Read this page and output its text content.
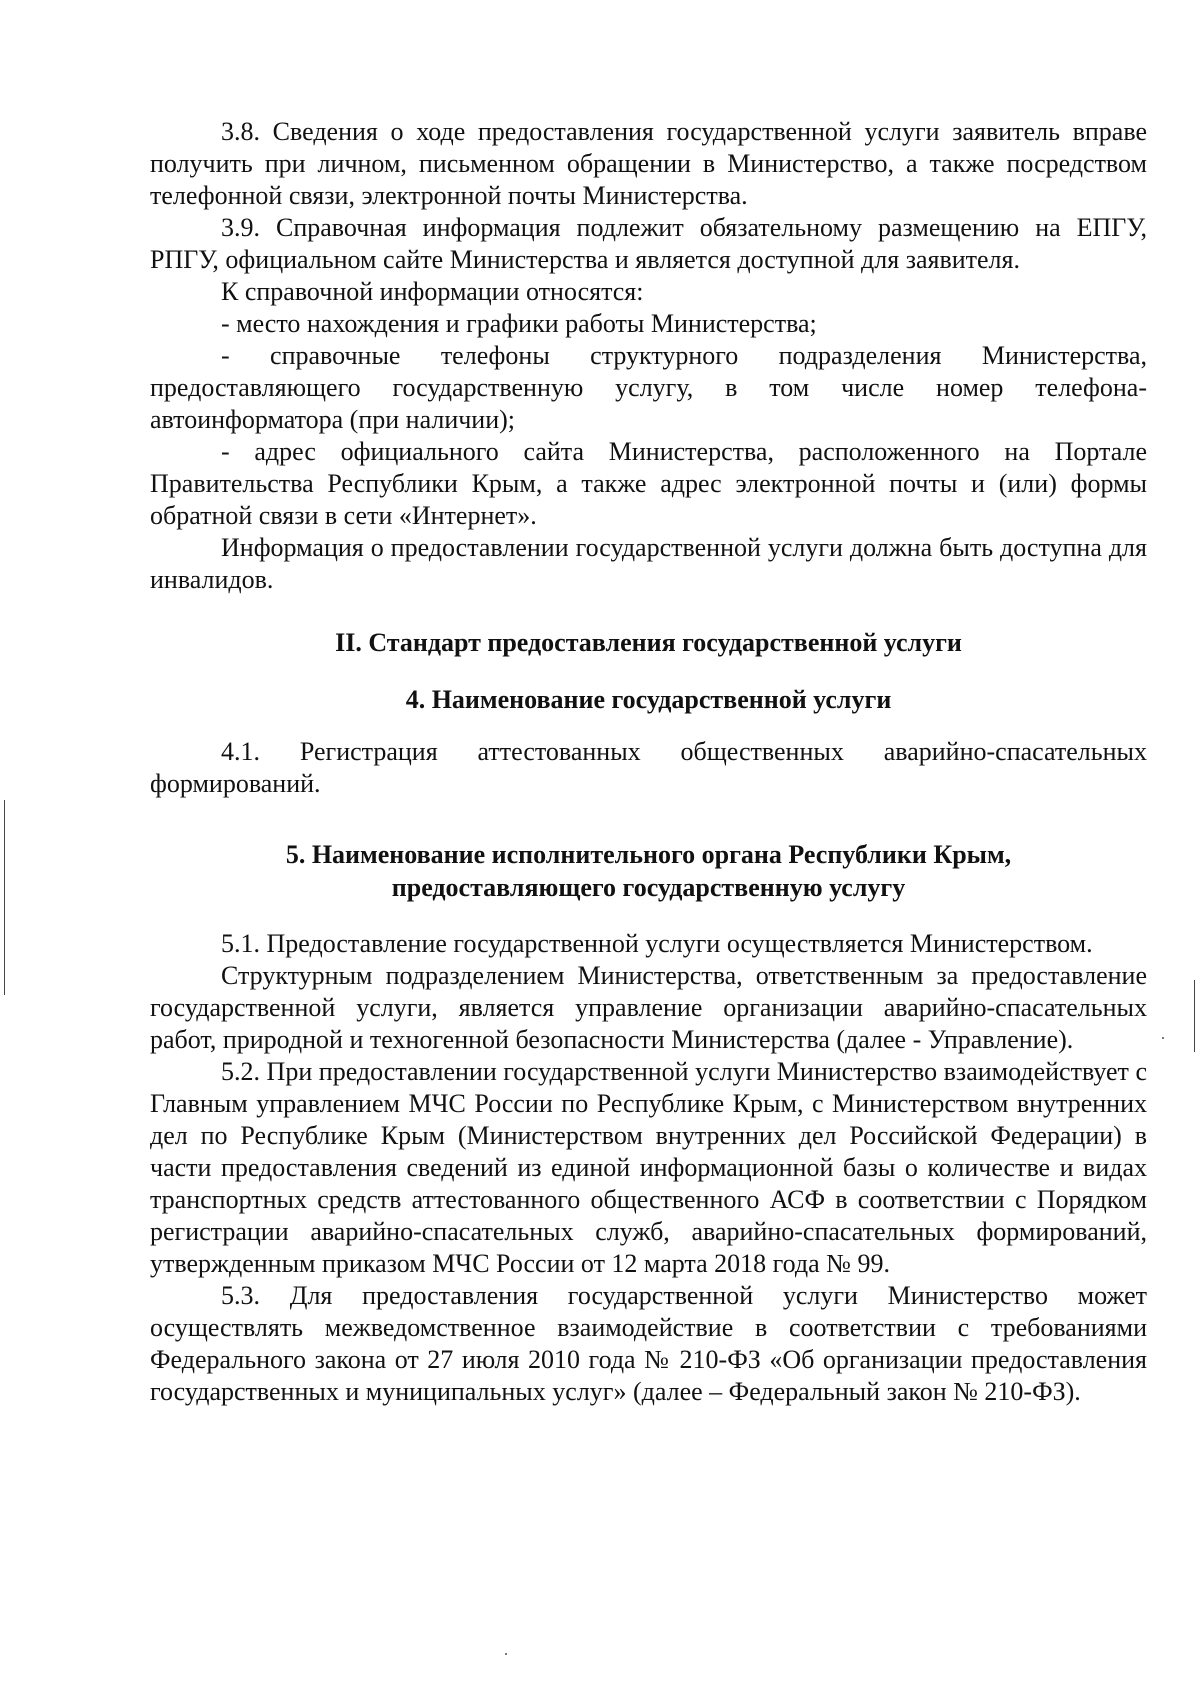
3.8. Сведения о ходе предоставления государственной услуги заявитель вправе получить при личном, письменном обращении в Министерство, а также посредством телефонной связи, электронной почты Министерства.

3.9. Справочная информация подлежит обязательному размещению на ЕПГУ, РПГУ, официальном сайте Министерства и является доступной для заявителя.

К справочной информации относятся:

- место нахождения и графики работы Министерства;

- справочные телефоны структурного подразделения Министерства, предоставляющего государственную услугу, в том числе номер телефона-автоинформатора (при наличии);

- адрес официального сайта Министерства, расположенного на Портале Правительства Республики Крым, а также адрес электронной почты и (или) формы обратной связи в сети «Интернет».

Информация о предоставлении государственной услуги должна быть доступна для инвалидов.

II. Стандарт предоставления государственной услуги

4. Наименование государственной услуги

4.1. Регистрация аттестованных общественных аварийно-спасательных формирований.

5. Наименование исполнительного органа Республики Крым,
предоставляющего государственную услугу

5.1. Предоставление государственной услуги осуществляется Министерством.

Структурным подразделением Министерства, ответственным за предоставление государственной услуги, является управление организации аварийно-спасательных работ, природной и техногенной безопасности Министерства (далее - Управление).

5.2. При предоставлении государственной услуги Министерство взаимодействует с Главным управлением МЧС России по Республике Крым, с Министерством внутренних дел по Республике Крым (Министерством внутренних дел Российской Федерации) в части предоставления сведений из единой информационной базы о количестве и видах транспортных средств аттестованного общественного АСФ в соответствии с Порядком регистрации аварийно-спасательных служб, аварийно-спасательных формирований, утвержденным приказом МЧС России от 12 марта 2018 года № 99.

5.3. Для предоставления государственной услуги Министерство может осуществлять межведомственное взаимодействие в соответствии с требованиями Федерального закона от 27 июля 2010 года № 210-ФЗ «Об организации предоставления государственных и муниципальных услуг» (далее – Федеральный закон № 210-ФЗ).
